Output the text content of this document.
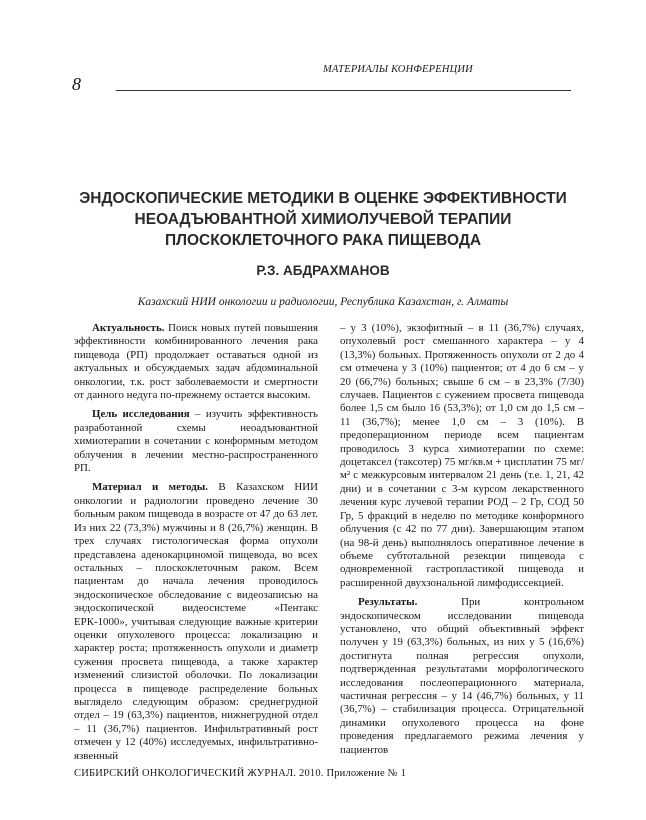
8
МАТЕРИАЛЫ КОНФЕРЕНЦИИ
ЭНДОСКОПИЧЕСКИЕ МЕТОДИКИ В ОЦЕНКЕ ЭФФЕКТИВНОСТИ НЕОАДЪЮВАНТНОЙ ХИМИОЛУЧЕВОЙ ТЕРАПИИ ПЛОСКОКЛЕТОЧНОГО РАКА ПИЩЕВОДА
Р.З. АБДРАХМАНОВ
Казахский НИИ онкологии и радиологии, Республика Казахстан, г. Алматы

Актуальность. Поиск новых путей повышения эффективности комбинированного лечения рака пищевода (РП) продолжает оставаться одной из актуальных и обсуждаемых задач абдоминальной онкологии, т.к. рост заболеваемости и смертности от данного недуга по-прежнему остается высоким.

Цель исследования – изучить эффективность разработанной схемы неоадъювантной химиотерапии в сочетании с конформным методом облучения в лечении местно-распространенного РП.

Материал и методы. В Казахском НИИ онкологии и радиологии проведено лечение 30 больным раком пищевода в возрасте от 47 до 63 лет. Из них 22 (73,3%) мужчины и 8 (26,7%) женщин. В трех случаях гистологическая форма опухоли представлена аденокарциномой пищевода, во всех остальных – плоскоклеточным раком. Всем пациентам до начала лечения проводилось эндоскопическое обследование с видеозаписью на эндоскопической видеосистеме «Пентакс ЕРК-1000», учитывая следующие важные критерии оценки опухолевого процесса: локализацию и характер роста; протяженность опухоли и диаметр сужения просвета пищевода, а также характер изменений слизистой оболочки. По локализации процесса в пищеводе распределение больных выглядело следующим образом: среднегрудной отдел – 19 (63,3%) пациентов, нижнегрудной отдел – 11 (36,7%) пациентов. Инфильтративный рост отмечен у 12 (40%) исследуемых, инфильтративно-язвенный

– у 3 (10%), экзофитный – в 11 (36,7%) случаях, опухолевый рост смешанного характера – у 4 (13,3%) больных. Протяженность опухоли от 2 до 4 см отмечена у 3 (10%) пациентов; от 4 до 6 см – у 20 (66,7%) больных; свыше 6 см – в 23,3% (7/30) случаев. Пациентов с сужением просвета пищевода более 1,5 см было 16 (53,3%); от 1,0 см до 1,5 см – 11 (36,7%); менее 1,0 см – 3 (10%). В предоперационном периоде всем пациентам проводилось 3 курса химиотерапии по схеме: доцетаксел (таксотер) 75 мг/кв.м + цисплатин 75 мг/м² с межкурсовым интервалом 21 день (т.е. 1, 21, 42 дни) и в сочетании с 3-м курсом лекарственного лечения курс лучевой терапии РОД – 2 Гр, СОД 50 Гр, 5 фракций в неделю по методике конформного облучения (с 42 по 77 дни). Завершающим этапом (на 98-й день) выполнялось оперативное лечение в объеме субтотальной резекции пищевода с одновременной гастропластикой пищевода и расширенной двухзональной лимфодиссекцией.

Результаты. При контрольном эндоскопическом исследовании пищевода установлено, что общий объективный эффект получен у 19 (63,3%) больных, из них у 5 (16,6%) достигнута полная регрессия опухоли, подтвержденная результатами морфологического исследования послеоперационного материала, частичная регрессия – у 14 (46,7%) больных, у 11 (36,7%) – стабилизация процесса. Отрицательной динамики опухолевого процесса на фоне проведения предлагаемого режима лечения у пациентов

СИБИРСКИЙ ОНКОЛОГИЧЕСКИЙ ЖУРНАЛ. 2010. Приложение № 1
